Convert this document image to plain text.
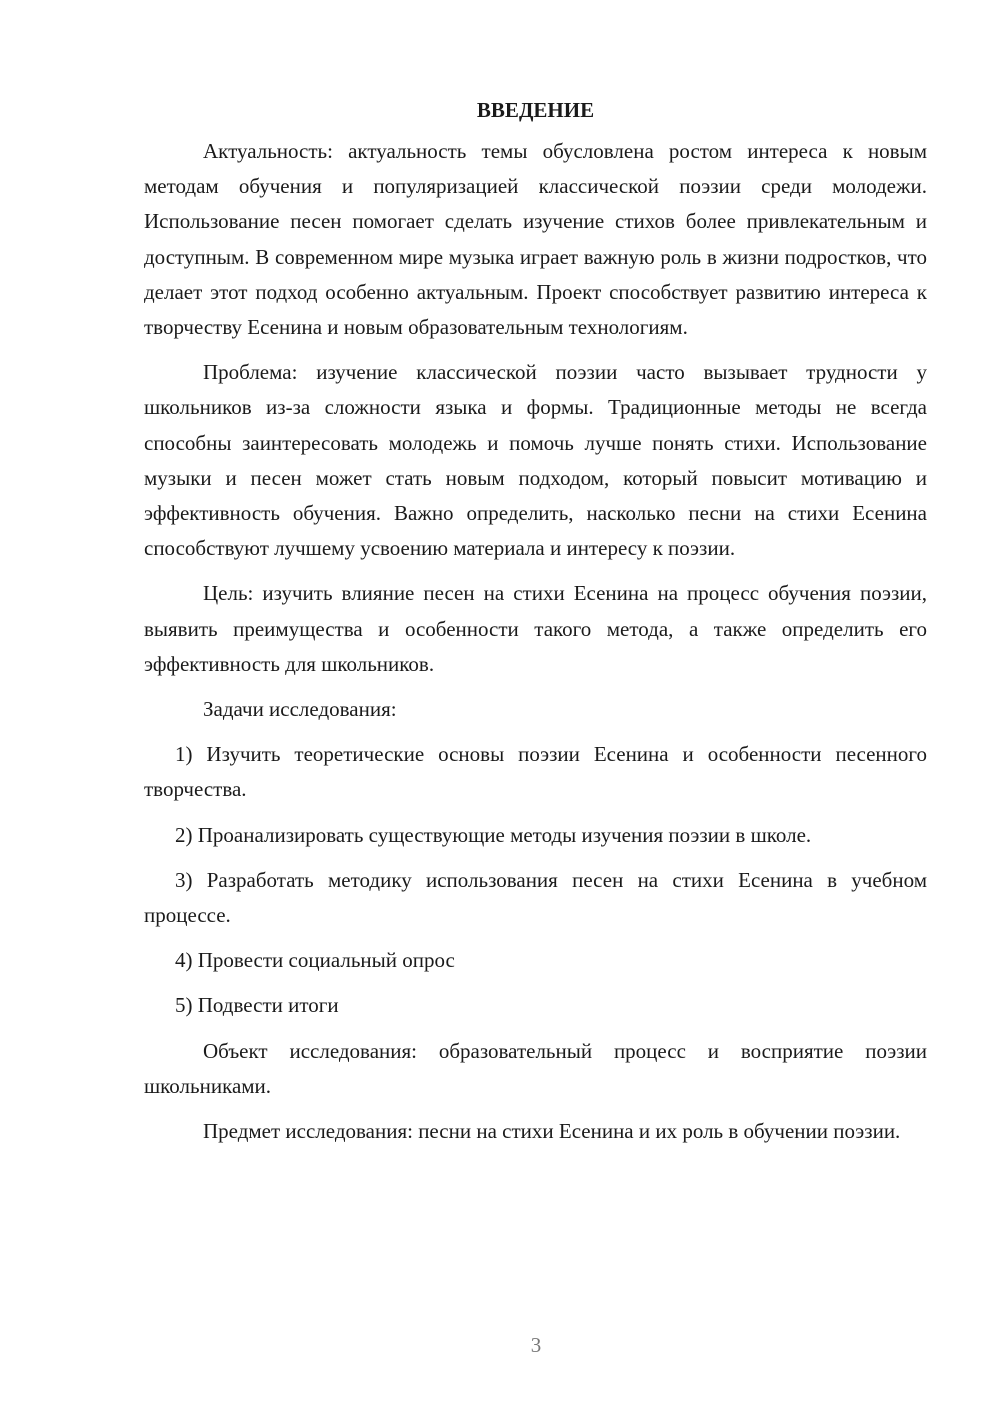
ВВЕДЕНИЕ

Актуальность: актуальность темы обусловлена ростом интереса к новым методам обучения и популяризацией классической поэзии среди молодежи. Использование песен помогает сделать изучение стихов более привлекательным и доступным. В современном мире музыка играет важную роль в жизни подростков, что делает этот подход особенно актуальным. Проект способствует развитию интереса к творчеству Есенина и новым образовательным технологиям.

Проблема: изучение классической поэзии часто вызывает трудности у школьников из-за сложности языка и формы. Традиционные методы не всегда способны заинтересовать молодежь и помочь лучше понять стихи. Использование музыки и песен может стать новым подходом, который повысит мотивацию и эффективность обучения. Важно определить, насколько песни на стихи Есенина способствуют лучшему усвоению материала и интересу к поэзии.

Цель: изучить влияние песен на стихи Есенина на процесс обучения поэзии, выявить преимущества и особенности такого метода, а также определить его эффективность для школьников.

Задачи исследования:

1) Изучить теоретические основы поэзии Есенина и особенности песенного творчества.

2) Проанализировать существующие методы изучения поэзии в школе.

3) Разработать методику использования песен на стихи Есенина в учебном процессе.

4) Провести социальный опрос

5) Подвести итоги

Объект исследования: образовательный процесс и восприятие поэзии школьниками.

Предмет исследования: песни на стихи Есенина и их роль в обучении поэзии.

3
